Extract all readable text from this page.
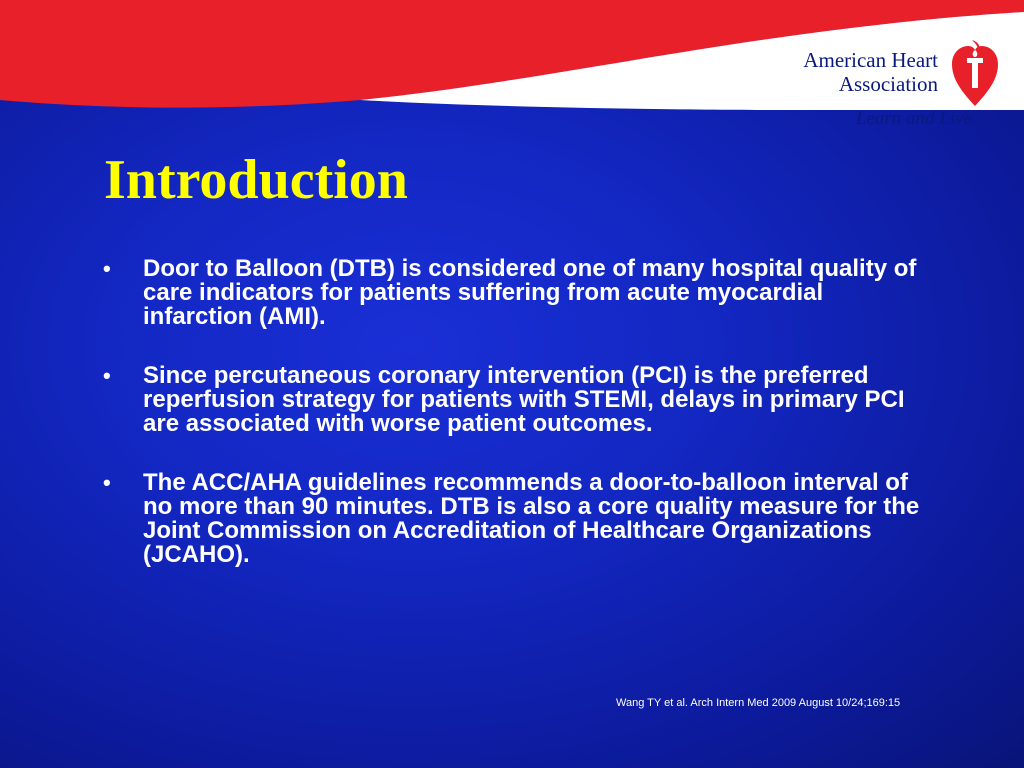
American Heart
Association
Learn and Live
Introduction
• Door to Balloon (DTB) is considered one of many hospital quality of care indicators for patients suffering from acute myocardial infarction (AMI).
• Since percutaneous coronary intervention (PCI) is the preferred reperfusion strategy for patients with STEMI, delays in primary PCI are associated with worse patient outcomes.
• The ACC/AHA guidelines recommends a door-to-balloon interval of no more than 90 minutes. DTB is also a core quality measure for the Joint Commission on Accreditation of Healthcare Organizations (JCAHO).
Wang TY et al. Arch Intern Med 2009 August 10/24;169:15
